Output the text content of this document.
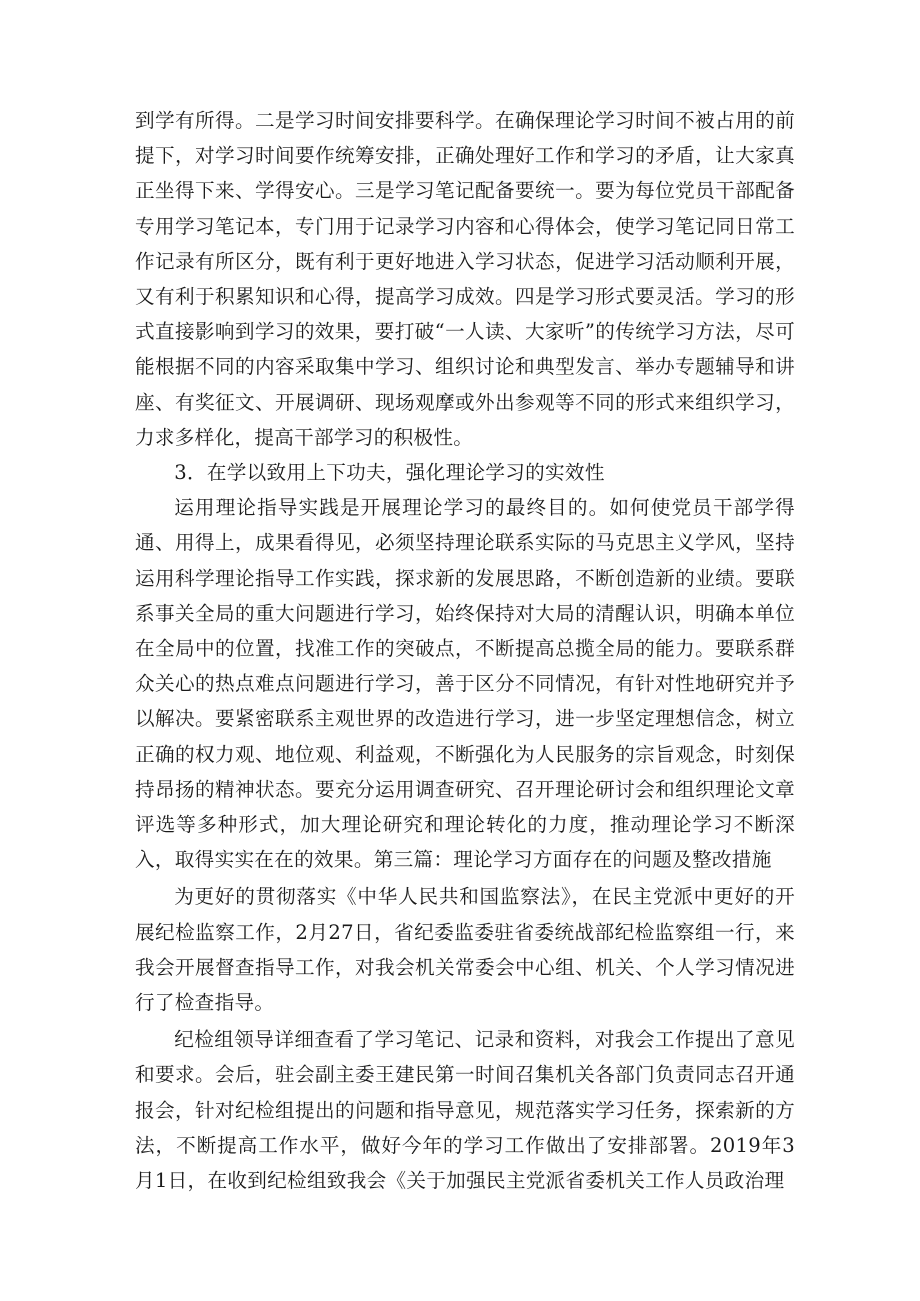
到学有所得。二是学习时间安排要科学。在确保理论学习时间不被占用的前提下，对学习时间要作统筹安排，正确处理好工作和学习的矛盾，让大家真正坐得下来、学得安心。三是学习笔记配备要统一。要为每位党员干部配备专用学习笔记本，专门用于记录学习内容和心得体会，使学习笔记同日常工作记录有所区分，既有利于更好地进入学习状态，促进学习活动顺利开展，又有利于积累知识和心得，提高学习成效。四是学习形式要灵活。学习的形式直接影响到学习的效果，要打破“一人读、大家听”的传统学习方法，尽可能根据不同的内容采取集中学习、组织讨论和典型发言、举办专题辅导和讲座、有奖征文、开展调研、现场观摩或外出参观等不同的形式来组织学习，力求多样化，提高干部学习的积极性。

3．在学以致用上下功夫，强化理论学习的实效性

运用理论指导实践是开展理论学习的最终目的。如何使党员干部学得通、用得上，成果看得见，必须坚持理论联系实际的马克思主义学风，坚持运用科学理论指导工作实践，探求新的发展思路，不断创造新的业绩。要联系事关全局的重大问题进行学习，始终保持对大局的清醒认识，明确本单位在全局中的位置，找准工作的突破点，不断提高总揽全局的能力。要联系群众关心的热点难点问题进行学习，善于区分不同情况，有针对性地研究并予以解决。要紧密联系主观世界的改造进行学习，进一步坚定理想信念，树立正确的权力观、地位观、利益观，不断强化为人民服务的宗旨观念，时刻保持昂扬的精神状态。要充分运用调查研究、召开理论研讨会和组织理论文章评选等多种形式，加大理论研究和理论转化的力度，推动理论学习不断深入，取得实实在在的效果。第三篇：理论学习方面存在的问题及整改措施

为更好的贯彻落实《中华人民共和国监察法》，在民主党派中更好的开展纪检监察工作，2月27日，省纪委监委驻省委统战部纪检监察组一行，来我会开展督查指导工作，对我会机关常委会中心组、机关、个人学习情况进行了检查指导。

纪检组领导详细查看了学习笔记、记录和资料，对我会工作提出了意见和要求。会后，驻会副主委王建民第一时间召集机关各部门负责同志召开通报会，针对纪检组提出的问题和指导意见，规范落实学习任务，探索新的方法，不断提高工作水平，做好今年的学习工作做出了安排部署。2019年3月1日，在收到纪检组致我会《关于加强民主党派省委机关工作人员政治理
